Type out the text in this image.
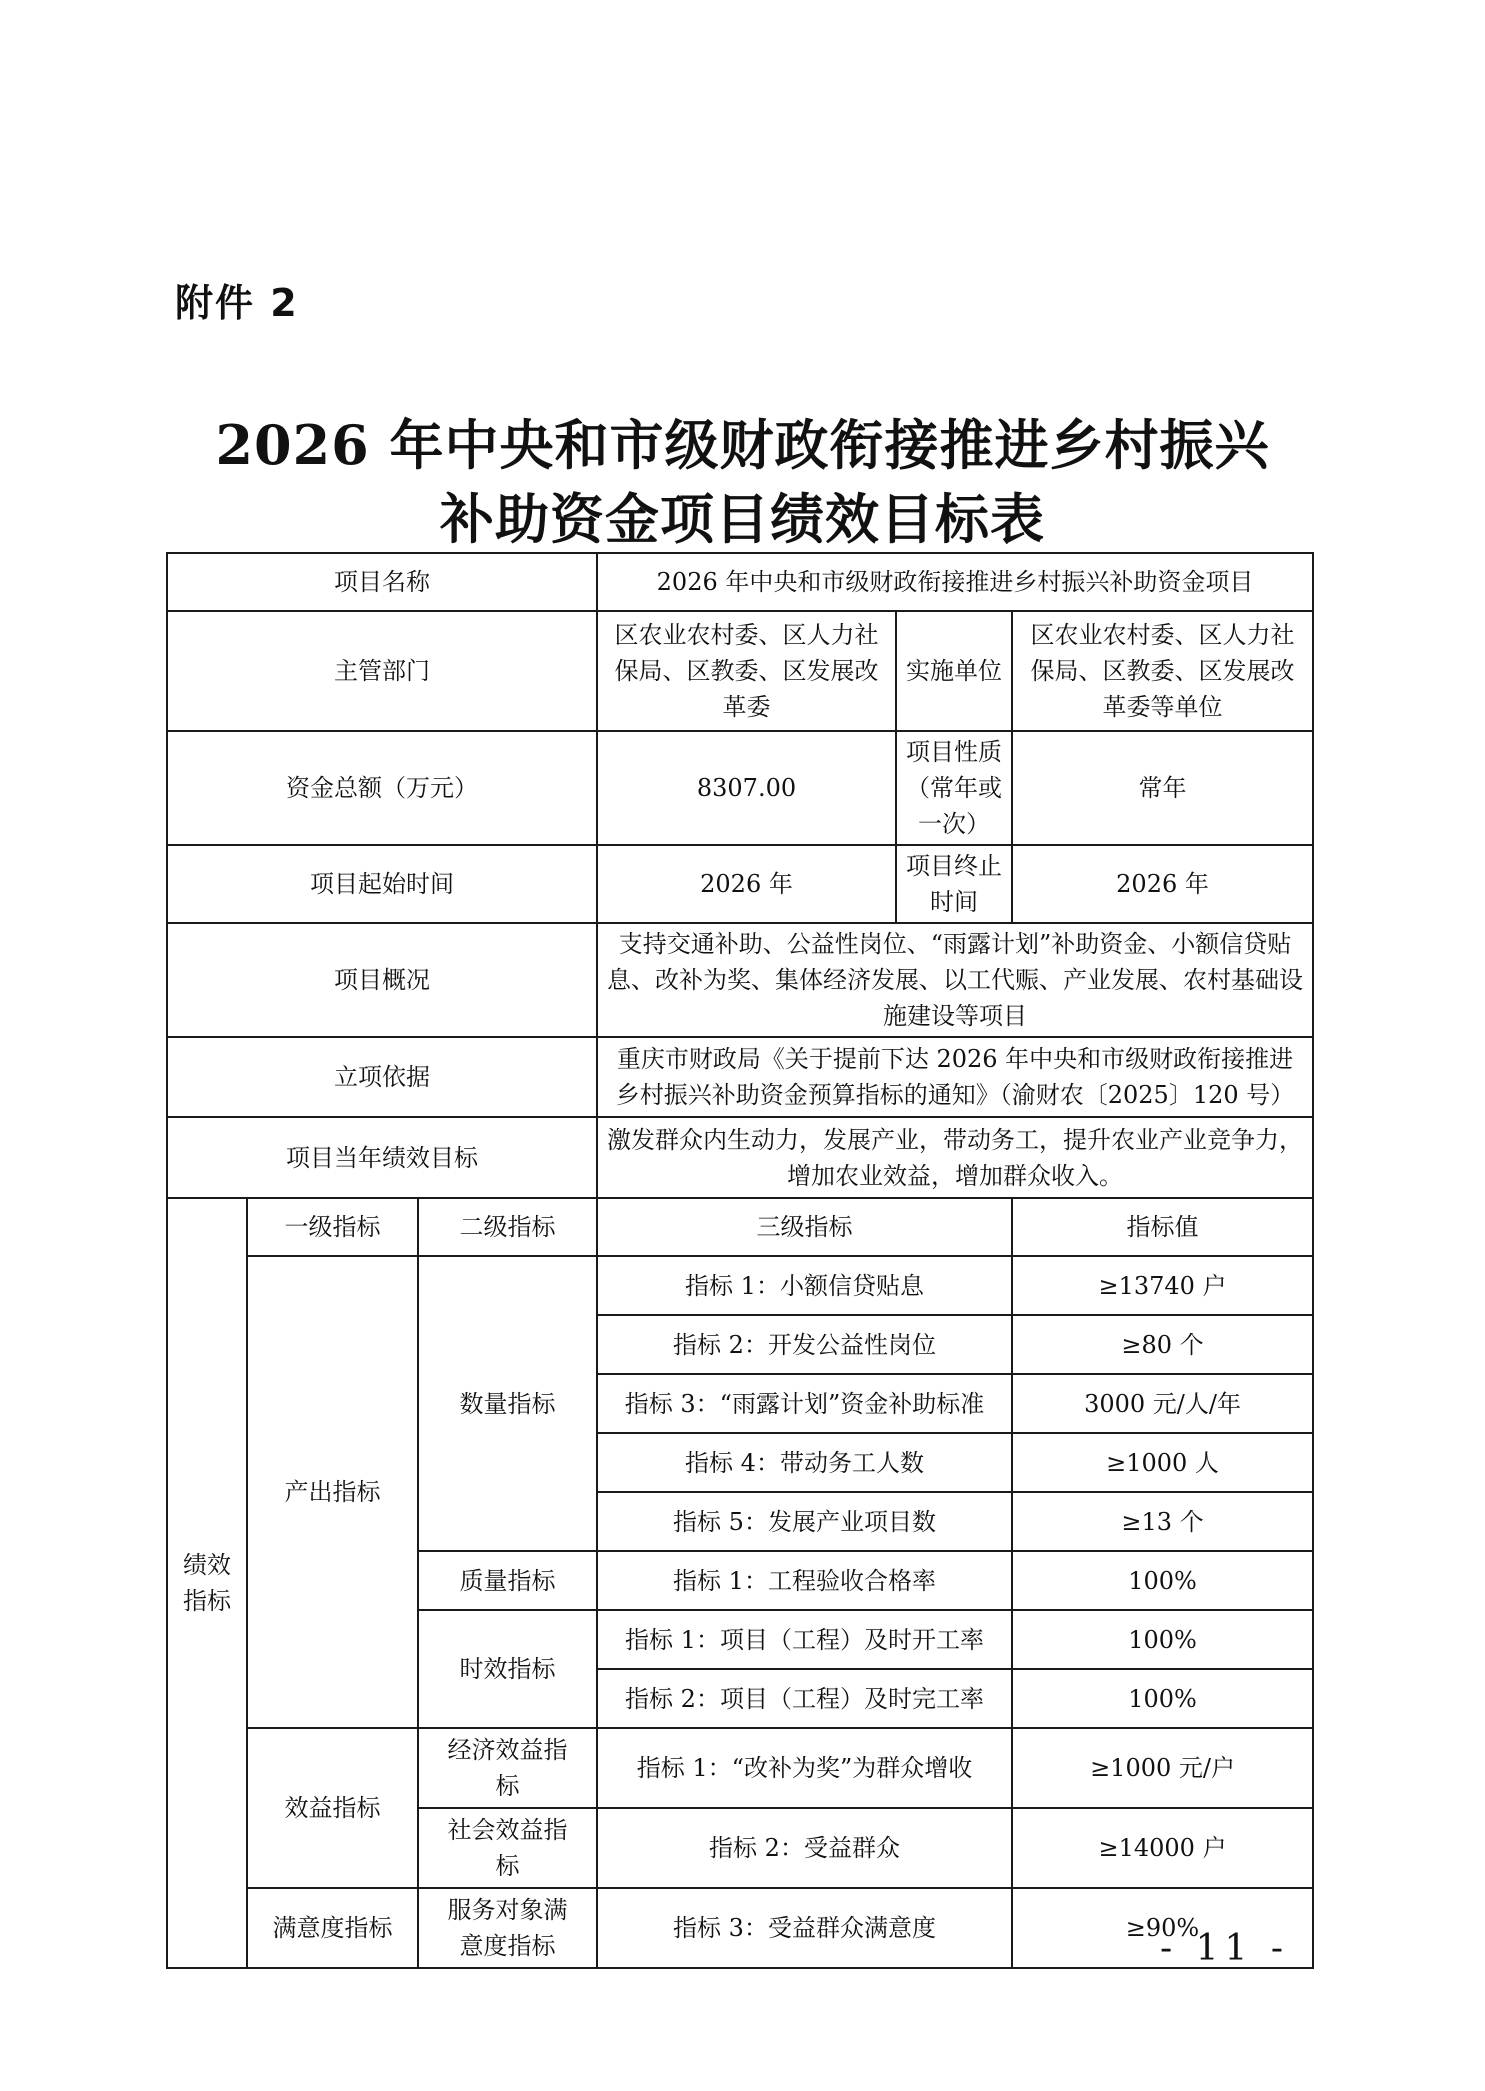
附件 2
2026 年中央和市级财政衔接推进乡村振兴
补助资金项目绩效目标表
项目名称			2026 年中央和市级财政衔接推进乡村振兴补助资金项目		
主管部门			区农业农村委、区人力社保局、区教委、区发展改革委	实施单位	区农业农村委、区人力社保局、区教委、区发展改革委等单位
资金总额（万元）			8307.00	项目性质（常年或一次）	常年
项目起始时间			2026 年	项目终止时间	2026 年
项目概况			支持交通补助、公益性岗位、“雨露计划”补助资金、小额信贷贴息、改补为奖、集体经济发展、以工代赈、产业发展、农村基础设施建设等项目		
立项依据			重庆市财政局《关于提前下达 2026 年中央和市级财政衔接推进乡村振兴补助资金预算指标的通知》（渝财农〔2025〕120 号）		
项目当年绩效目标			激发群众内生动力，发展产业，带动务工，提升农业产业竞争力，增加农业效益，增加群众收入。		
绩效指标	一级指标	二级指标	三级指标		指标值
	产出指标	数量指标	指标 1：小额信贷贴息		≥13740 户
			指标 2：开发公益性岗位		≥80 个
			指标 3：“雨露计划”资金补助标准		3000 元/人/年
			指标 4：带动务工人数		≥1000 人
			指标 5：发展产业项目数		≥13 个
		质量指标	指标 1：工程验收合格率		100%
		时效指标	指标 1：项目（工程）及时开工率		100%
			指标 2：项目（工程）及时完工率		100%
	效益指标	经济效益指标	指标 1：“改补为奖”为群众增收		≥1000 元/户
		社会效益指标	指标 2：受益群众		≥14000 户
	满意度指标	服务对象满意度指标	指标 3：受益群众满意度		≥90%
- 11 -
